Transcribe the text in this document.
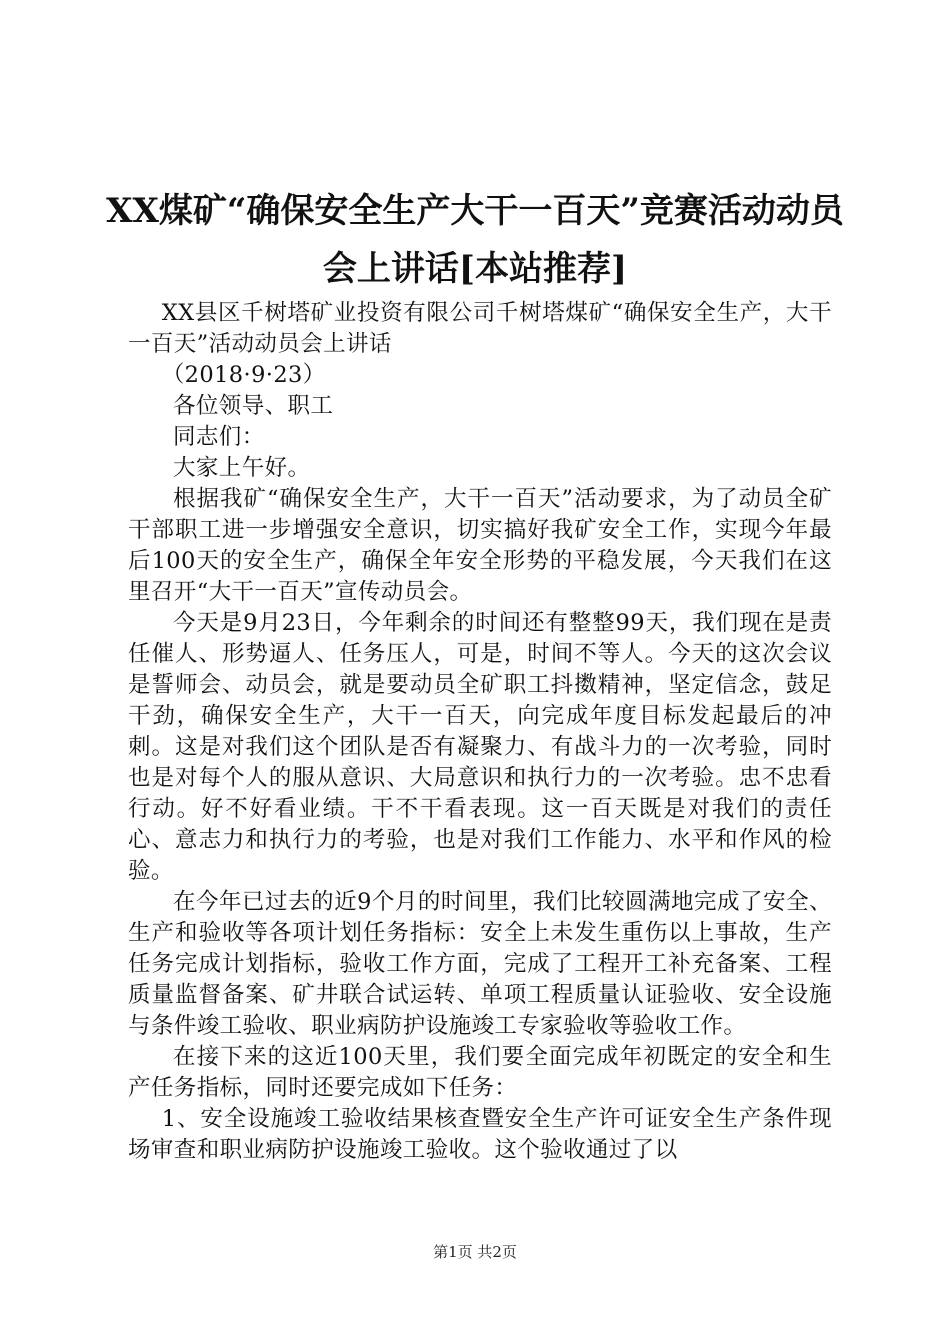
XX煤矿“确保安全生产大干一百天”竞赛活动动员会上讲话[本站推荐]

XX县区千树塔矿业投资有限公司千树塔煤矿“确保安全生产，大干一百天”活动动员会上讲话

（2018·9·23）

各位领导、职工

同志们：

大家上午好。

根据我矿“确保安全生产，大干一百天”活动要求，为了动员全矿干部职工进一步增强安全意识，切实搞好我矿安全工作，实现今年最后100天的安全生产，确保全年安全形势的平稳发展，今天我们在这里召开“大干一百天”宣传动员会。

今天是9月23日，今年剩余的时间还有整整99天，我们现在是责任催人、形势逼人、任务压人，可是，时间不等人。今天的这次会议是誓师会、动员会，就是要动员全矿职工抖擞精神，坚定信念，鼓足干劲，确保安全生产，大干一百天，向完成年度目标发起最后的冲刺。这是对我们这个团队是否有凝聚力、有战斗力的一次考验，同时也是对每个人的服从意识、大局意识和执行力的一次考验。忠不忠看行动。好不好看业绩。干不干看表现。这一百天既是对我们的责任心、意志力和执行力的考验，也是对我们工作能力、水平和作风的检验。

在今年已过去的近9个月的时间里，我们比较圆满地完成了安全、生产和验收等各项计划任务指标：安全上未发生重伤以上事故，生产任务完成计划指标，验收工作方面，完成了工程开工补充备案、工程质量监督备案、矿井联合试运转、单项工程质量认证验收、安全设施与条件竣工验收、职业病防护设施竣工专家验收等验收工作。

在接下来的这近100天里，我们要全面完成年初既定的安全和生产任务指标，同时还要完成如下任务：

1、安全设施竣工验收结果核查暨安全生产许可证安全生产条件现场审查和职业病防护设施竣工验收。这个验收通过了以

第1页 共2页
